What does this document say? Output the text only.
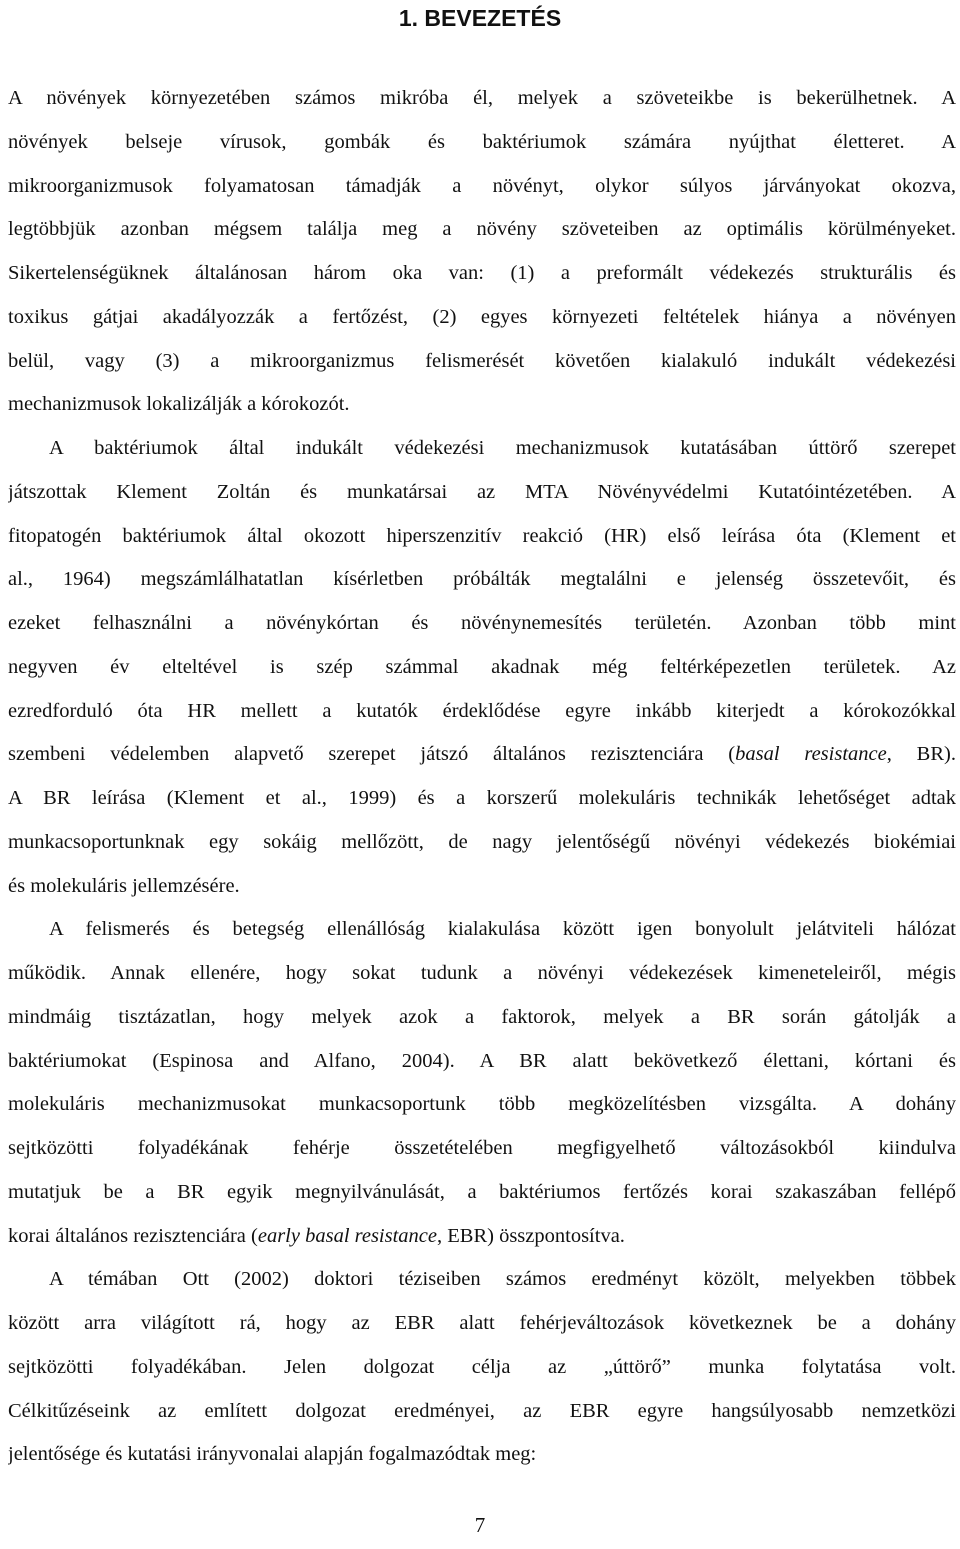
1. BEVEZETÉS
A növények környezetében számos mikróba él, melyek a szöveteikbe is bekerülhetnek. A
növények belseje vírusok, gombák és baktériumok számára nyújthat életteret. A
mikroorganizmusok folyamatosan támadják a növényt, olykor súlyos járványokat okozva,
legtöbbjük azonban mégsem találja meg a növény szöveteiben az optimális körülményeket.
Sikertelenségüknek általánosan három oka van: (1) a preformált védekezés strukturális és
toxikus gátjai akadályozzák a fertőzést, (2) egyes környezeti feltételek hiánya a növényen
belül, vagy (3) a mikroorganizmus felismerését követően kialakuló indukált védekezési
mechanizmusok lokalizálják a kórokozót.
A baktériumok által indukált védekezési mechanizmusok kutatásában úttörő szerepet
játszottak Klement Zoltán és munkatársai az MTA Növényvédelmi Kutatóintézetében. A
fitopatogén baktériumok által okozott hiperszenzitív reakció (HR) első leírása óta (Klement et
al., 1964) megszámlálhatatlan kísérletben próbálták megtalálni e jelenség összetevőit, és
ezeket felhasználni a növénykórtan és növénynemesítés területén. Azonban több mint
negyven év elteltével is szép számmal akadnak még feltérképezetlen területek. Az
ezredforduló óta HR mellett a kutatók érdeklődése egyre inkább kiterjedt a kórokozókkal
szembeni védelemben alapvető szerepet játszó általános rezisztenciára (basal resistance, BR).
A BR leírása (Klement et al., 1999) és a korszerű molekuláris technikák lehetőséget adtak
munkacsoportunknak egy sokáig mellőzött, de nagy jelentőségű növényi védekezés biokémiai
és molekuláris jellemzésére.
A felismerés és betegség ellenállóság kialakulása között igen bonyolult jelátviteli hálózat
működik. Annak ellenére, hogy sokat tudunk a növényi védekezések kimeneteleiről, mégis
mindmáig tisztázatlan, hogy melyek azok a faktorok, melyek a BR során gátolják a
baktériumokat (Espinosa and Alfano, 2004). A BR alatt bekövetkező élettani, kórtani és
molekuláris mechanizmusokat munkacsoportunk több megközelítésben vizsgálta. A dohány
sejtközötti folyadékának fehérje összetételében megfigyelhető változásokból kiindulva
mutatjuk be a BR egyik megnyilvánulását, a baktériumos fertőzés korai szakaszában fellépő
korai általános rezisztenciára (early basal resistance, EBR) összpontosítva.
A témában Ott (2002) doktori téziseiben számos eredményt közölt, melyekben többek
között arra világított rá, hogy az EBR alatt fehérjeváltozások következnek be a dohány
sejtközötti folyadékában. Jelen dolgozat célja az „úttörő” munka folytatása volt.
Célkitűzéseink az említett dolgozat eredményei, az EBR egyre hangsúlyosabb nemzetközi
jelentősége és kutatási irányvonalai alapján fogalmazódtak meg:
7
